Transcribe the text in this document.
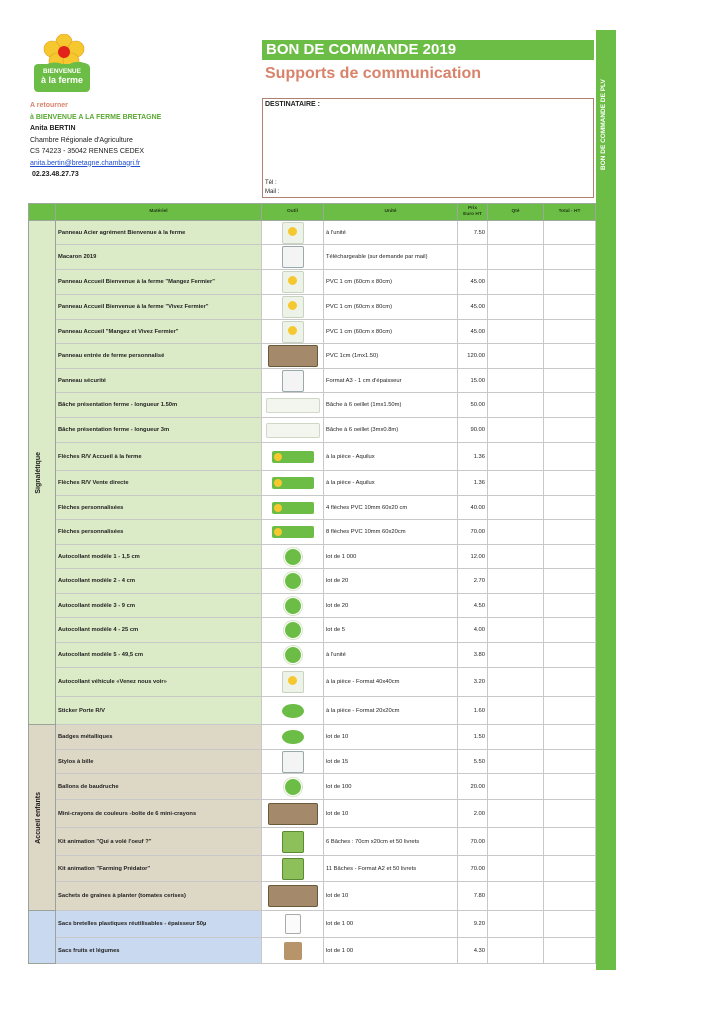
BIENVENUE
à la ferme
BON DE COMMANDE 2019
Supports de communication
BON DE COMMANDE DE PLV
A retourner
à BIENVENUE A LA FERME BRETAGNE
Anita BERTIN
Chambre Régionale d'Agriculture
CS 74223 - 35042 RENNES CEDEX
anita.bertin@bretagne.chambagri.fr
02.23.48.27.73
DESTINATAIRE :
Tél :
Mail :
	Matériel	Outil	Unité	Prix
Euro HT	Qté	Total - HT

Signalétique	Panneau Acier agrément Bienvenue à la ferme		à l'unité	7.50		
	Macaron 2019		Téléchargeable (sur demande par mail)			
	Panneau Accueil Bienvenue à la ferme "Mangez Fermier"		PVC 1 cm (60cm x 80cm)	45.00		
	Panneau Accueil Bienvenue à la ferme "Vivez Fermier"		PVC 1 cm (60cm x 80cm)	45.00		
	Panneau Accueil "Mangez et Vivez Fermier"		PVC 1 cm (60cm x 80cm)	45.00		
	Panneau entrée de ferme personnalisé		PVC 1cm (1mx1.50)	120.00		
	Panneau sécurité		Format A3 - 1 cm d'épaisseur	15.00		
	Bâche présentation ferme - longueur 1.50m		Bâche à 6 oeillet (1mx1.50m)	50.00		
	Bâche présentation ferme - longueur 3m		Bâche à 6 oeillet (3mx0.8m)	90.00		
	Flèches R/V Accueil à la ferme		à la pièce - Aquilux	1.36		
	Flèches R/V Vente directe		à la pièce - Aquilux	1.36		
	Flèches personnalisées		4 flèches PVC 10mm 60x20 cm	40.00		
	Flèches personnalisées		8 flèches PVC 10mm 60x20cm	70.00		
	Autocollant modèle 1 - 1,5 cm		lot de 1 000	12.00		
	Autocollant modèle 2 - 4 cm		lot de 20	2.70		
	Autocollant modèle 3 - 9 cm		lot de 20	4.50		
	Autocollant modèle 4 - 25 cm		lot de 5	4.00		
	Autocollant modèle 5 - 49,5 cm		à l'unité	3.80		
	Autocollant véhicule «Venez nous voir»		à la pièce - Format 40x40cm	3.20		
	Sticker Porte R/V		à la pièce - Format 20x20cm	1.60		

Accueil enfants	Badges métalliques		lot de 10	1.50		
	Stylos à bille		lot de 15	5.50		
	Ballons de baudruche		lot de 100	20.00		
	Mini-crayons de couleurs -boîte de 6 mini-crayons		lot de 10	2.00		
	Kit animation "Qui a volé l'oeuf ?"		6 Bâches : 70cm x20cm et 50 livrets	70.00		
	Kit animation "Farming Prédator"		11 Bâches - Format A2 et 50 livrets	70.00		
	Sachets de graines à planter (tomates cerises)		lot de 10	7.80		
	Sacs bretelles plastiques réutilisables - épaisseur 50µ		lot de 1 00	9.20		
	Sacs fruits et légumes		lot de 1 00	4.30		
